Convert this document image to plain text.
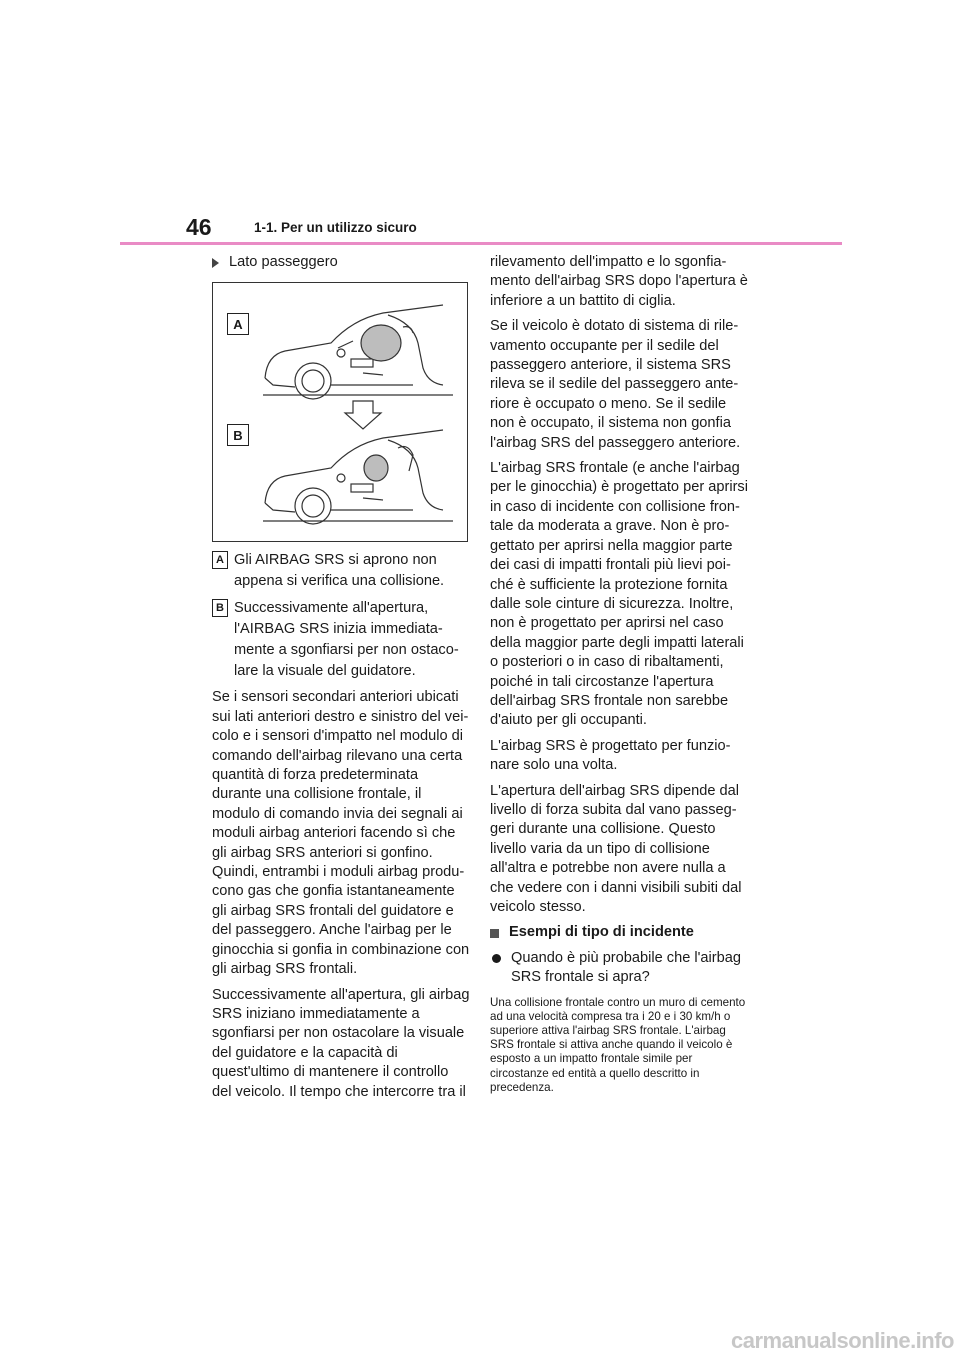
46	1-1. Per un utilizzo sicuro
Lato passeggero
A
B
A Gli AIRBAG SRS si aprono non appena si verifica una collisione.
B Successivamente all'apertura, l'AIRBAG SRS inizia immediata-mente a sgonfiarsi per non ostaco-lare la visuale del guidatore.

Se i sensori secondari anteriori ubicati sui lati anteriori destro e sinistro del vei-colo e i sensori d'impatto nel modulo di comando dell'airbag rilevano una certa quantità di forza predeterminata durante una collisione frontale, il modulo di comando invia dei segnali ai moduli airbag anteriori facendo sì che gli airbag SRS anteriori si gonfino. Quindi, entrambi i moduli airbag produ-cono gas che gonfia istantaneamente gli airbag SRS frontali del guidatore e del passeggero. Anche l'airbag per le ginocchia si gonfia in combinazione con gli airbag SRS frontali.

Successivamente all'apertura, gli airbag SRS iniziano immediatamente a sgonfiarsi per non ostacolare la visuale del guidatore e la capacità di quest'ultimo di mantenere il controllo del veicolo. Il tempo che intercorre tra il

rilevamento dell'impatto e lo sgonfia-mento dell'airbag SRS dopo l'apertura è inferiore a un battito di ciglia.

Se il veicolo è dotato di sistema di rile-vamento occupante per il sedile del passeggero anteriore, il sistema SRS rileva se il sedile del passeggero ante-riore è occupato o meno. Se il sedile non è occupato, il sistema non gonfia l'airbag SRS del passeggero anteriore.

L'airbag SRS frontale (e anche l'airbag per le ginocchia) è progettato per aprirsi in caso di incidente con collisione fron-tale da moderata a grave. Non è pro-gettato per aprirsi nella maggior parte dei casi di impatti frontali più lievi poi-ché è sufficiente la protezione fornita dalle sole cinture di sicurezza. Inoltre, non è progettato per aprirsi nel caso della maggior parte degli impatti laterali o posteriori o in caso di ribaltamenti, poiché in tali circostanze l'apertura dell'airbag SRS frontale non sarebbe d'aiuto per gli occupanti.

L'airbag SRS è progettato per funzio-nare solo una volta.

L'apertura dell'airbag SRS dipende dal livello di forza subita dal vano passeg-geri durante una collisione. Questo livello varia da un tipo di collisione all'altra e potrebbe non avere nulla a che vedere con i danni visibili subiti dal veicolo stesso.

Esempi di tipo di incidente
Quando è più probabile che l'airbag SRS frontale si apra?

Una collisione frontale contro un muro di cemento ad una velocità compresa tra i 20 e i 30 km/h o superiore attiva l'airbag SRS frontale. L'airbag SRS frontale si attiva anche quando il veicolo è esposto a un impatto frontale simile per circostanze ed entità a quello descritto in precedenza.

carmanualsonline.info
